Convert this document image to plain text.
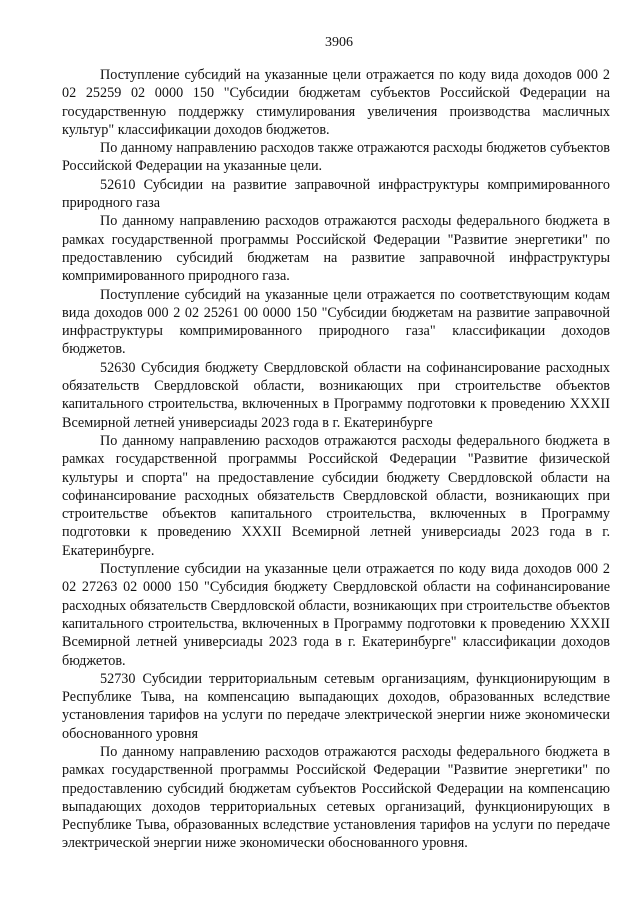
3906

Поступление субсидий на указанные цели отражается по коду вида доходов 000 2 02 25259 02 0000 150 "Субсидии бюджетам субъектов Российской Федерации на государственную поддержку стимулирования увеличения производства масличных культур" классификации доходов бюджетов.

По данному направлению расходов также отражаются расходы бюджетов субъектов Российской Федерации на указанные цели.

52610 Субсидии на развитие заправочной инфраструктуры компримированного природного газа

По данному направлению расходов отражаются расходы федерального бюджета в рамках государственной программы Российской Федерации "Развитие энергетики" по предоставлению субсидий бюджетам на развитие заправочной инфраструктуры компримированного природного газа.

Поступление субсидий на указанные цели отражается по соответствующим кодам вида доходов 000 2 02 25261 00 0000 150 "Субсидии бюджетам на развитие заправочной инфраструктуры компримированного природного газа" классификации доходов бюджетов.

52630 Субсидия бюджету Свердловской области на софинансирование расходных обязательств Свердловской области, возникающих при строительстве объектов капитального строительства, включенных в Программу подготовки к проведению XXXII Всемирной летней универсиады 2023 года в г. Екатеринбурге

По данному направлению расходов отражаются расходы федерального бюджета в рамках государственной программы Российской Федерации "Развитие физической культуры и спорта" на предоставление субсидии бюджету Свердловской области на софинансирование расходных обязательств Свердловской области, возникающих при строительстве объектов капитального строительства, включенных в Программу подготовки к проведению XXXII Всемирной летней универсиады 2023 года в г. Екатеринбурге.

Поступление субсидии на указанные цели отражается по коду вида доходов 000 2 02 27263 02 0000 150 "Субсидия бюджету Свердловской области на софинансирование расходных обязательств Свердловской области, возникающих при строительстве объектов капитального строительства, включенных в Программу подготовки к проведению XXXII Всемирной летней универсиады 2023 года в г. Екатеринбурге" классификации доходов бюджетов.

52730 Субсидии территориальным сетевым организациям, функционирующим в Республике Тыва, на компенсацию выпадающих доходов, образованных вследствие установления тарифов на услуги по передаче электрической энергии ниже экономически обоснованного уровня

По данному направлению расходов отражаются расходы федерального бюджета в рамках государственной программы Российской Федерации "Развитие энергетики" по предоставлению субсидий бюджетам субъектов Российской Федерации на компенсацию выпадающих доходов территориальных сетевых организаций, функционирующих в Республике Тыва, образованных вследствие установления тарифов на услуги по передаче электрической энергии ниже экономически обоснованного уровня.
